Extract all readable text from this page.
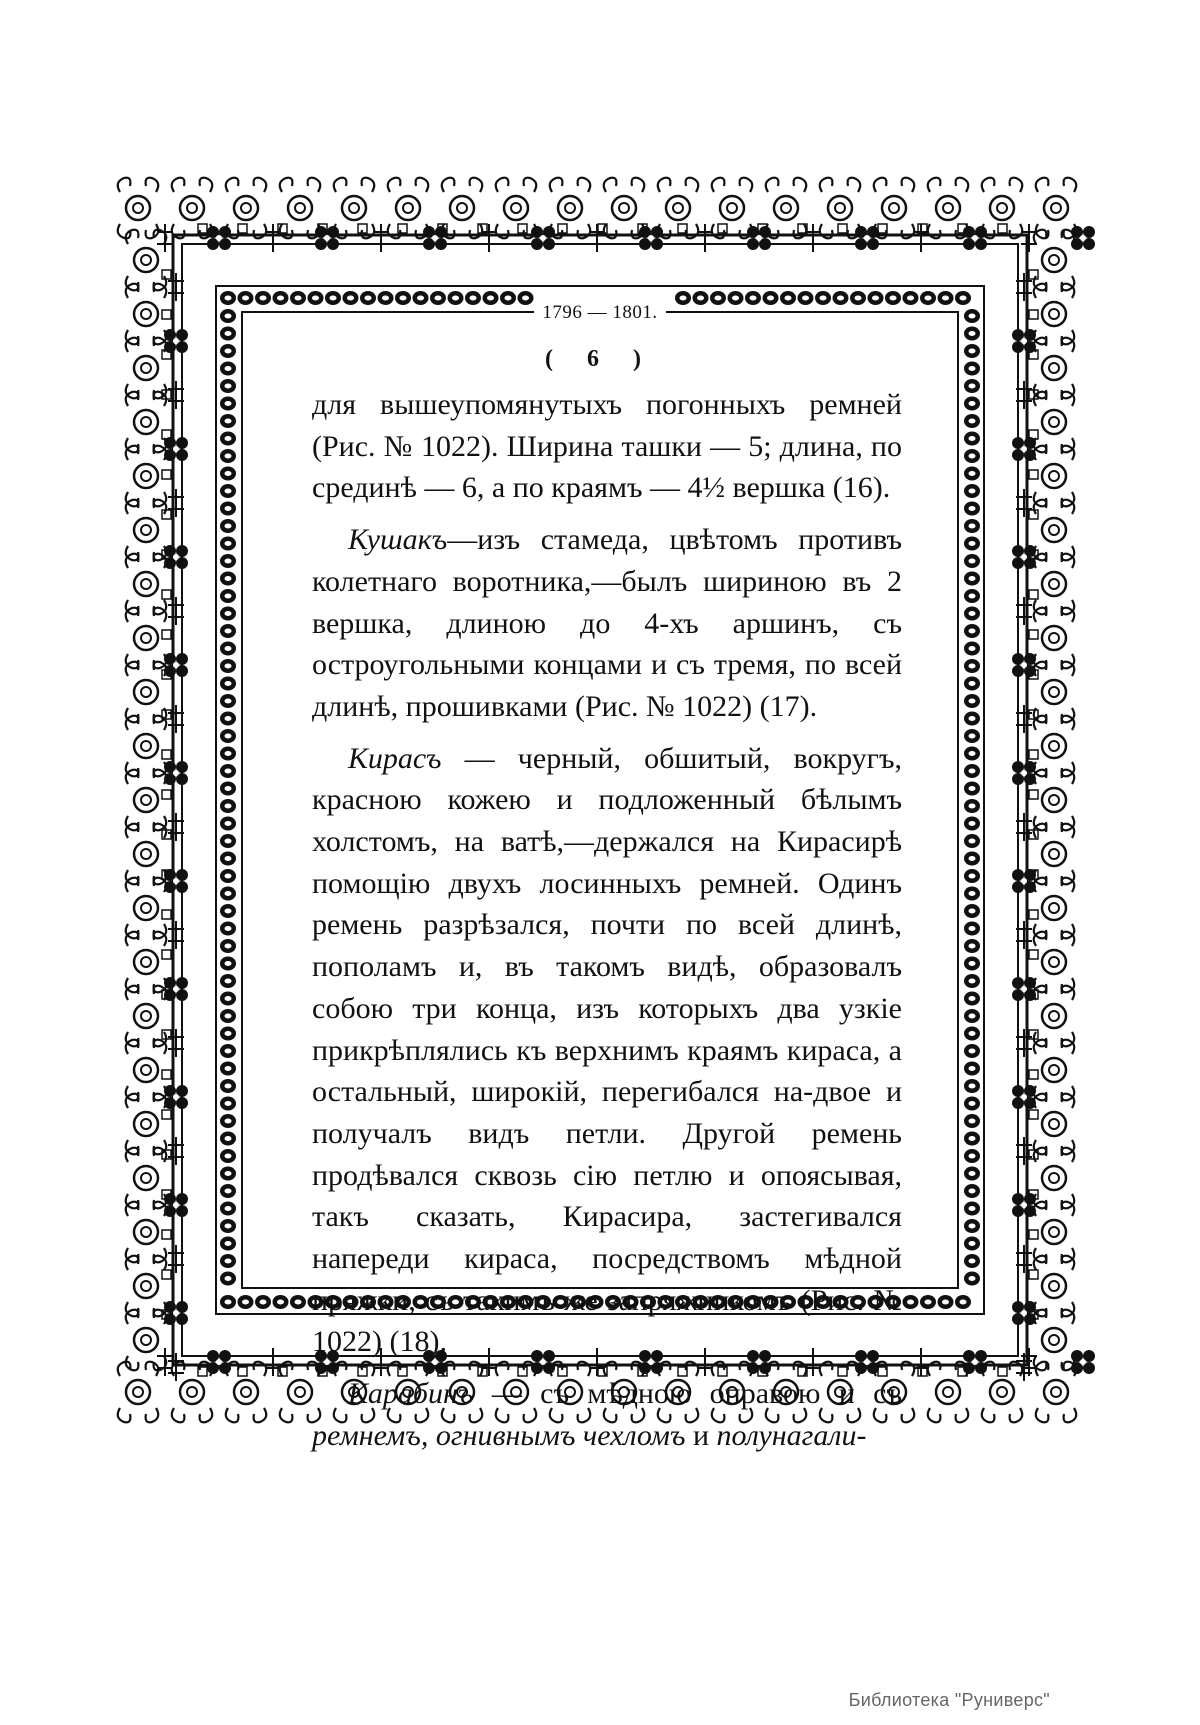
1796 — 1801.
( 6 )

для вышеупомянутыхъ погонныхъ ремней (Рис. № 1022). Ширина ташки — 5; длина, по срединѣ — 6, а по краямъ — 4½ вершка (16).

Кушакъ—изъ стамеда, цвѣтомъ противъ колетнаго воротника,—былъ шириною въ 2 вершка, длиною до 4-хъ аршинъ, съ остроугольными концами и съ тремя, по всей длинѣ, прошивками (Рис. № 1022) (17).

Кирасъ — черный, обшитый, вокругъ, красною кожею и подложенный бѣлымъ холстомъ, на ватѣ,—держался на Кирасирѣ помощію двухъ лосинныхъ ремней. Одинъ ремень разрѣзался, почти по всей длинѣ, пополамъ и, въ такомъ видѣ, образовалъ собою три конца, изъ которыхъ два узкіе прикрѣплялись къ верхнимъ краямъ кираса, а остальный, широкій, перегибался на-двое и получалъ видъ петли. Другой ремень продѣвался сквозь сію петлю и опоясывая, такъ сказать, Кирасира, застегивался напереди кираса, посредствомъ мѣдной пряжки, съ такимъ же запряжникомъ (Рис. № 1022) (18).

Карабинъ — съ мѣдною оправою и съ ремнемъ, огнивнымъ чехломъ и полунагали-

Библиотека "Руниверс"
